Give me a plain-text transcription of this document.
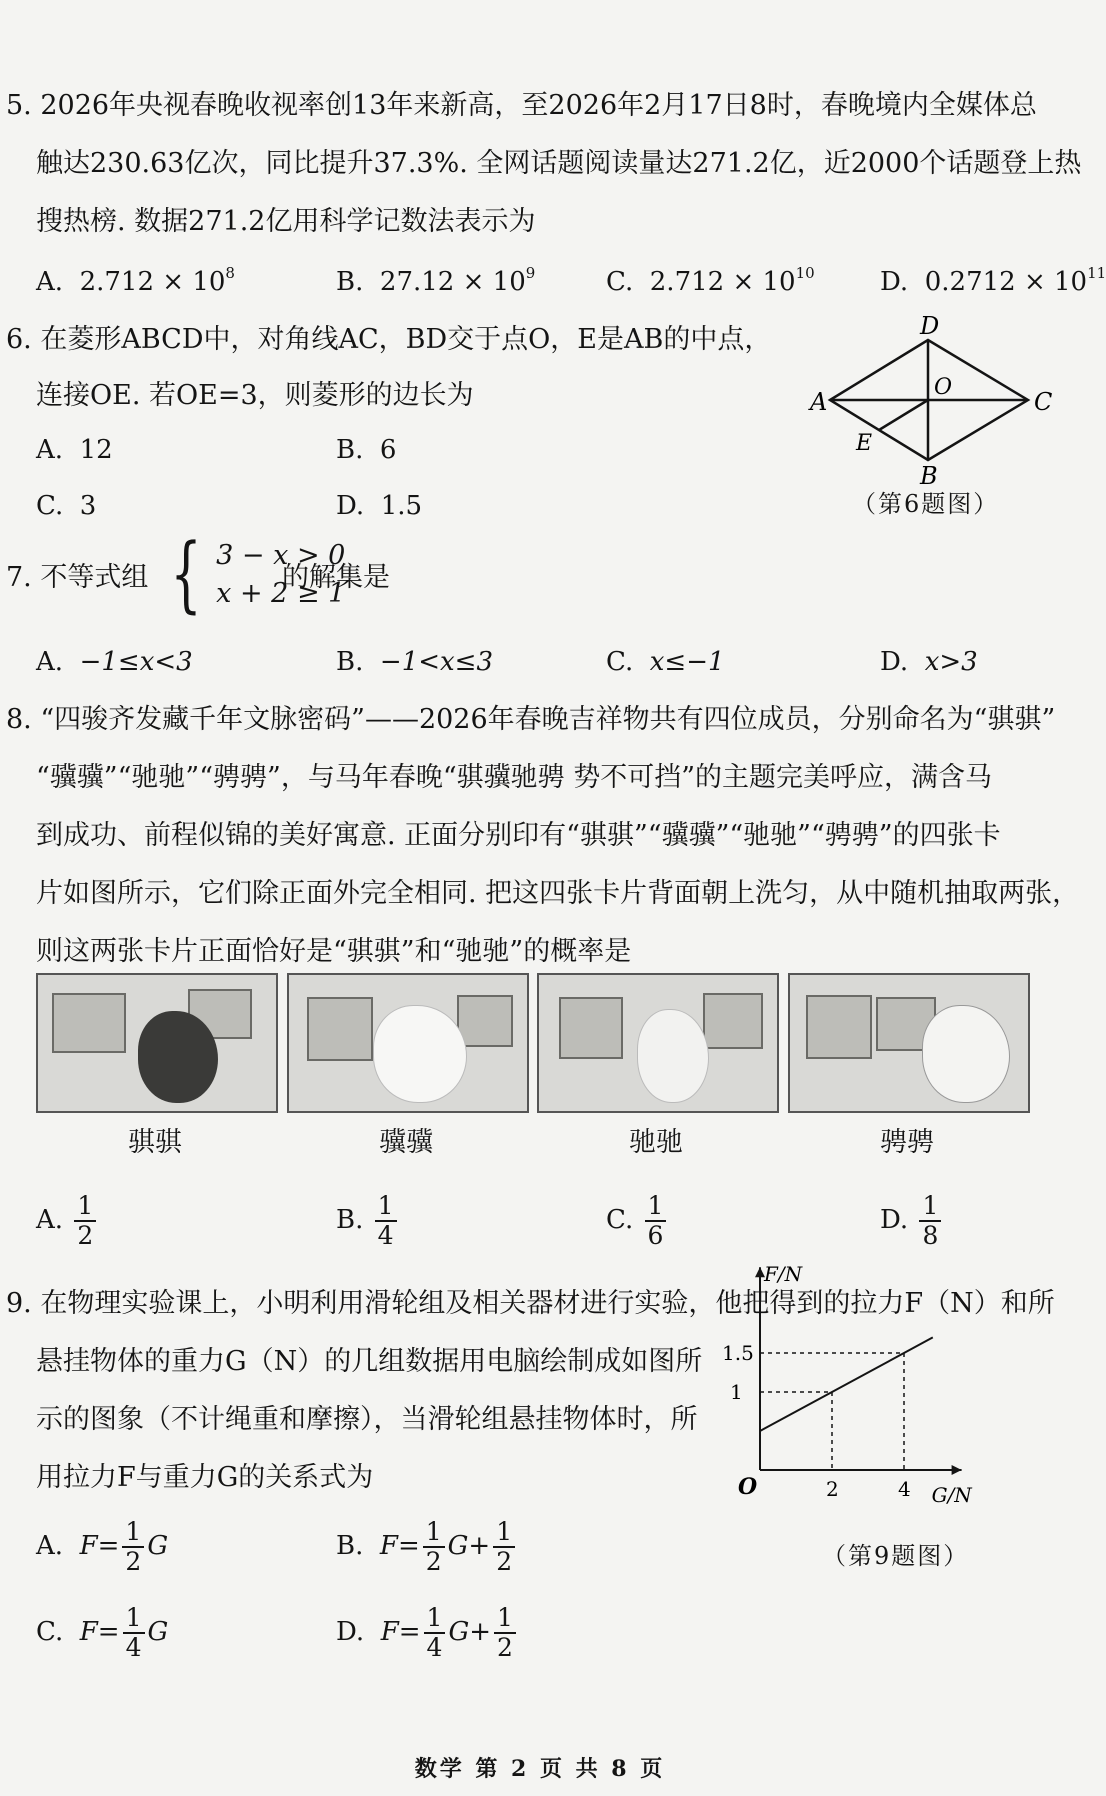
5. 2026年央视春晚收视率创13年来新高，至2026年2月17日8时，春晚境内全媒体总
触达230.63亿次，同比提升37.3%. 全网话题阅读量达271.2亿，近2000个话题登上热
搜热榜. 数据271.2亿用科学记数法表示为
A. $2.712 \times 10^8$	B. $27.12 \times 10^9$	C. $2.712 \times 10^{10}$	D. $0.2712 \times 10^{11}$
6. 在菱形ABCD中，对角线AC，BD交于点O，E是AB的中点，
连接OE. 若OE=3，则菱形的边长为
A. 12	B. 6
C. 3	D. 1.5
A	C
D
B
O
E
（第6题图）
7. 不等式组 { 3 − x > 0
x + 2 ≥ 1
的解集是
A. −1≤x<3	B. −1<x≤3	C. x≤−1	D. x>3
8. “四骏齐发藏千年文脉密码”——2026年春晚吉祥物共有四位成员，分别命名为“骐骐”
“骥骥”“驰驰”“骋骋”，与马年春晚“骐骥驰骋 势不可挡”的主题完美呼应，满含马
到成功、前程似锦的美好寓意. 正面分别印有“骐骐”“骥骥”“驰驰”“骋骋”的四张卡
片如图所示，它们除正面外完全相同. 把这四张卡片背面朝上洗匀，从中随机抽取两张，
则这两张卡片正面恰好是“骐骐”和“驰驰”的概率是
骐骐	骥骥	驰驰	骋骋
A. $\frac{1}{2}$	B. $\frac{1}{4}$	C. $\frac{1}{6}$	D. $\frac{1}{8}$
9. 在物理实验课上，小明利用滑轮组及相关器材进行实验，他把得到的拉力F（N）和所
悬挂物体的重力G（N）的几组数据用电脑绘制成如图所
示的图象（不计绳重和摩擦），当滑轮组悬挂物体时，所
用拉力F与重力G的关系式为
G/N
F/N
O	2	4
1
1.5
（第9题图）
A. $F= \frac{1}{2}$ G	B. $F= \frac{1}{2} G+ \frac{1}{2}$
C. $F= \frac{1}{4}$ G	D. $F= \frac{1}{4} G+ \frac{1}{2}$
数学 第 2 页 共 8 页
